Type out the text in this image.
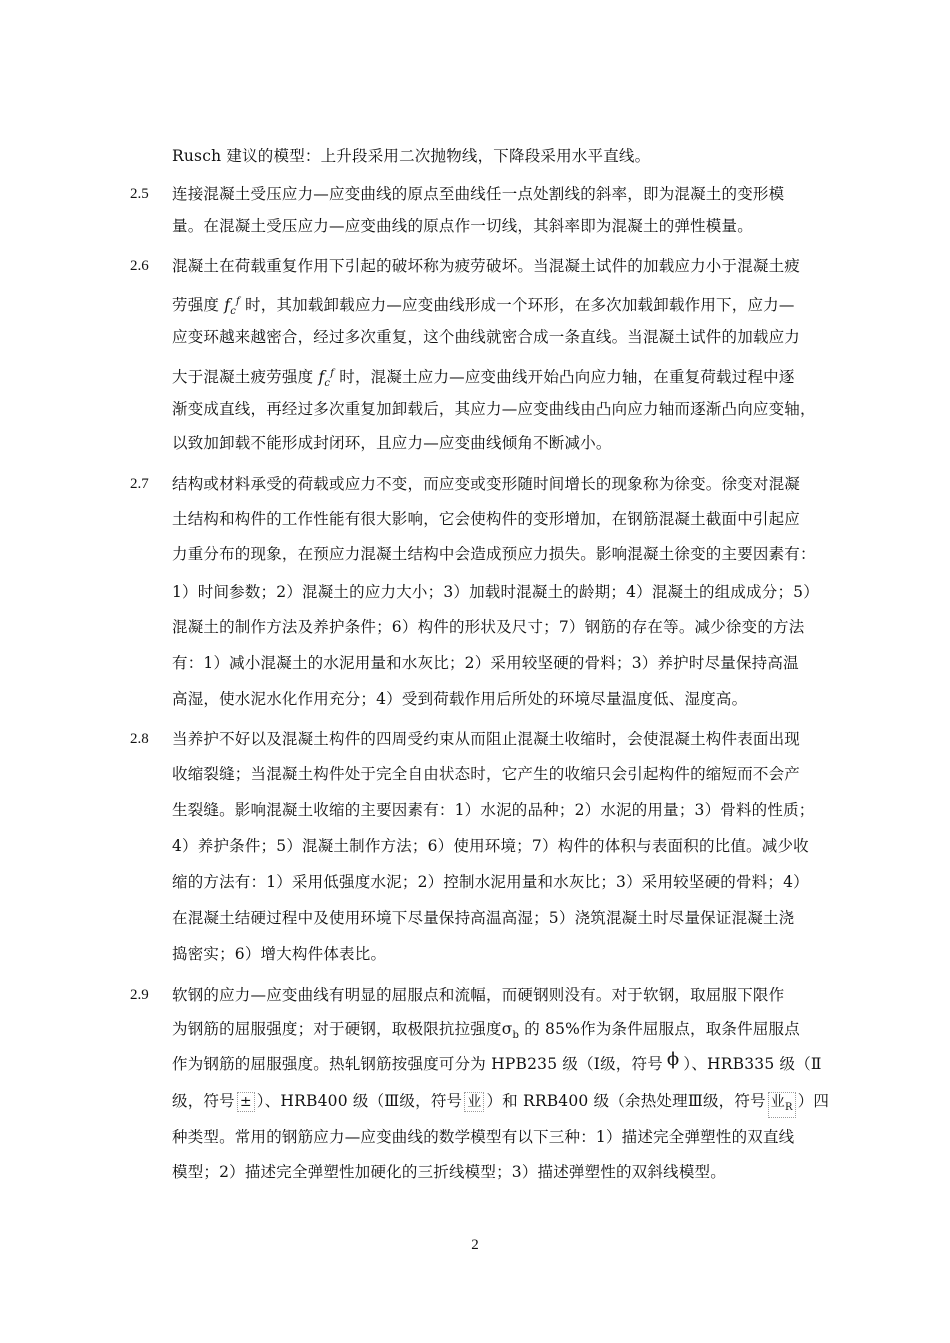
Rusch 建议的模型：上升段采用二次抛物线，下降段采用水平直线。
2.5 连接混凝土受压应力—应变曲线的原点至曲线任一点处割线的斜率，即为混凝土的变形模
量。在混凝土受压应力—应变曲线的原点作一切线，其斜率即为混凝土的弹性模量。
2.6 混凝土在荷载重复作用下引起的破坏称为疲劳破坏。当混凝土试件的加载应力小于混凝土疲
劳强度 $f_c^f$ 时，其加载卸载应力—应变曲线形成一个环形，在多次加载卸载作用下，应力—
应变环越来越密合，经过多次重复，这个曲线就密合成一条直线。当混凝土试件的加载应力
大于混凝土疲劳强度 $f_c^f$ 时，混凝土应力—应变曲线开始凸向应力轴，在重复荷载过程中逐
渐变成直线，再经过多次重复加卸载后，其应力—应变曲线由凸向应力轴而逐渐凸向应变轴，
以致加卸载不能形成封闭环，且应力—应变曲线倾角不断减小。
2.7 结构或材料承受的荷载或应力不变，而应变或变形随时间增长的现象称为徐变。徐变对混凝
土结构和构件的工作性能有很大影响，它会使构件的变形增加，在钢筋混凝土截面中引起应
力重分布的现象，在预应力混凝土结构中会造成预应力损失。影响混凝土徐变的主要因素有：
1）时间参数；2）混凝土的应力大小；3）加载时混凝土的龄期；4）混凝土的组成成分；5）
混凝土的制作方法及养护条件；6）构件的形状及尺寸；7）钢筋的存在等。减少徐变的方法
有：1）减小混凝土的水泥用量和水灰比；2）采用较坚硬的骨料；3）养护时尽量保持高温
高湿，使水泥水化作用充分；4）受到荷载作用后所处的环境尽量温度低、湿度高。
2.8 当养护不好以及混凝土构件的四周受约束从而阻止混凝土收缩时，会使混凝土构件表面出现
收缩裂缝；当混凝土构件处于完全自由状态时，它产生的收缩只会引起构件的缩短而不会产
生裂缝。影响混凝土收缩的主要因素有：1）水泥的品种；2）水泥的用量；3）骨料的性质；
4）养护条件；5）混凝土制作方法；6）使用环境；7）构件的体积与表面积的比值。减少收
缩的方法有：1）采用低强度水泥；2）控制水泥用量和水灰比；3）采用较坚硬的骨料；4）
在混凝土结硬过程中及使用环境下尽量保持高温高湿；5）浇筑混凝土时尽量保证混凝土浇
捣密实；6）增大构件体表比。
2.9 软钢的应力—应变曲线有明显的屈服点和流幅，而硬钢则没有。对于软钢，取屈服下限作
为钢筋的屈服强度；对于硬钢，取极限抗拉强度$\sigma_b$ 的 85%作为条件屈服点，取条件屈服点
作为钢筋的屈服强度。热轧钢筋按强度可分为 HPB235 级（Ⅰ级，符号 ϕ ）、HRB335 级（Ⅱ
级，符号 ± ）、HRB400 级（Ⅲ级，符号 业 ）和 RRB400 级（余热处理Ⅲ级，符号 业$_R$ ）四
种类型。常用的钢筋应力—应变曲线的数学模型有以下三种：1）描述完全弹塑性的双直线
模型；2）描述完全弹塑性加硬化的三折线模型；3）描述弹塑性的双斜线模型。
2
